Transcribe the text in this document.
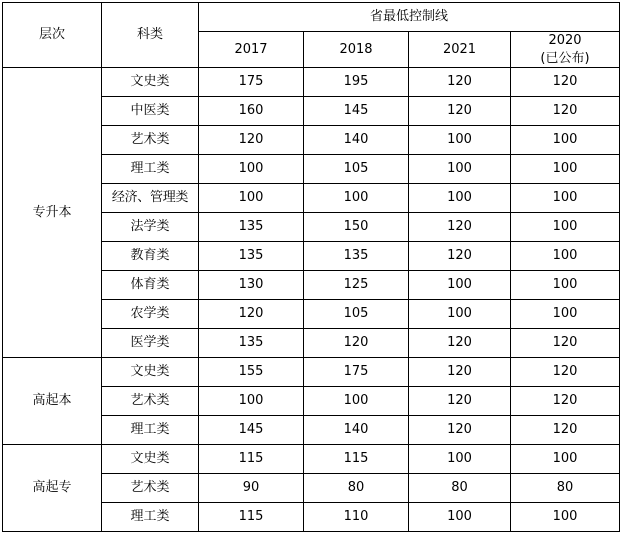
层次	科类	省最低控制线			
		2017	2018	2021	2020
(已公布)

专升本	文史类	175	195	120	120
	中医类	160	145	120	120
	艺术类	120	140	100	100
	理工类	100	105	100	100
	经济、管理类	100	100	100	100
	法学类	135	150	120	100
	教育类	135	135	120	100
	体育类	130	125	100	100
	农学类	120	105	100	100
	医学类	135	120	120	120
高起本	文史类	155	175	120	120
	艺术类	100	100	120	120
	理工类	145	140	120	120
高起专	文史类	115	115	100	100
	艺术类	90	80	80	80
	理工类	115	110	100	100
